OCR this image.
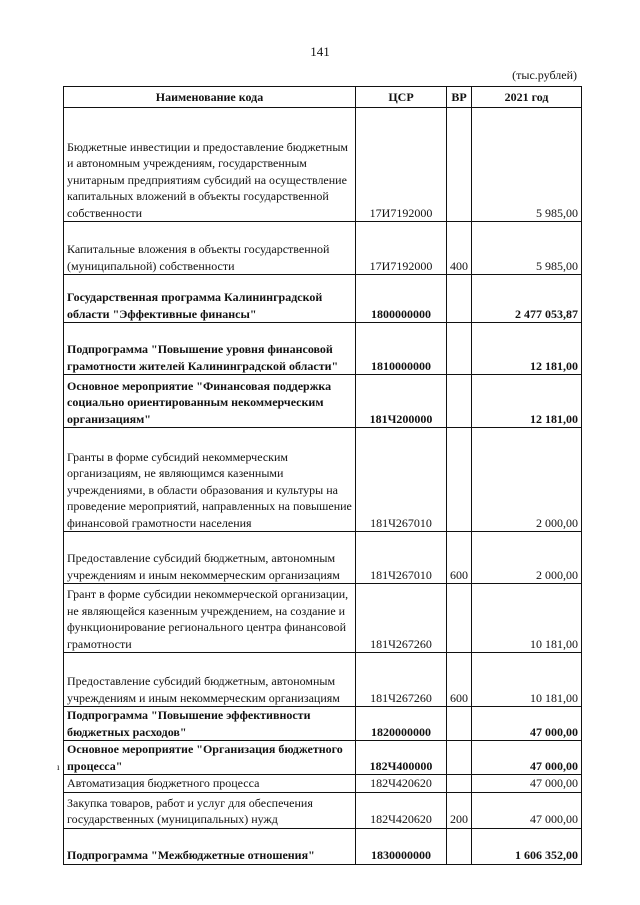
141
(тыс.рублей)
Наименование кода	ЦСР	ВР	2021 год
Бюджетные инвестиции и предоставление бюджетным и автономным учреждениям, государственным унитарным предприятиям субсидий на осуществление капитальных вложений в объекты государственной собственности	17И7192000		5 985,00
Капитальные вложения в объекты государственной (муниципальной) собственности	17И7192000	400	5 985,00
Государственная программа Калининградской области "Эффективные финансы"	1800000000		2 477 053,87
Подпрограмма "Повышение уровня финансовой грамотности жителей Калининградской области"	1810000000		12 181,00
Основное мероприятие "Финансовая поддержка социально ориентированным некоммерческим организациям"	181Ч200000		12 181,00
Гранты в форме субсидий некоммерческим организациям, не являющимся казенными учреждениями, в области образования и культуры на проведение мероприятий, направленных на повышение финансовой грамотности населения	181Ч267010		2 000,00
Предоставление субсидий бюджетным, автономным учреждениям и иным некоммерческим организациям	181Ч267010	600	2 000,00
Грант в форме субсидии некоммерческой организации, не являющейся казенным учреждением, на создание и функционирование регионального центра финансовой грамотности	181Ч267260		10 181,00
Предоставление субсидий бюджетным, автономным учреждениям и иным некоммерческим организациям	181Ч267260	600	10 181,00
Подпрограмма "Повышение эффективности бюджетных расходов"	1820000000		47 000,00
Основное мероприятие "Организация бюджетного процесса"	182Ч400000		47 000,00
Автоматизация бюджетного процесса	182Ч420620		47 000,00
Закупка товаров, работ и услуг для обеспечения государственных (муниципальных) нужд	182Ч420620	200	47 000,00
Подпрограмма "Межбюджетные отношения"	1830000000		1 606 352,00
ı
